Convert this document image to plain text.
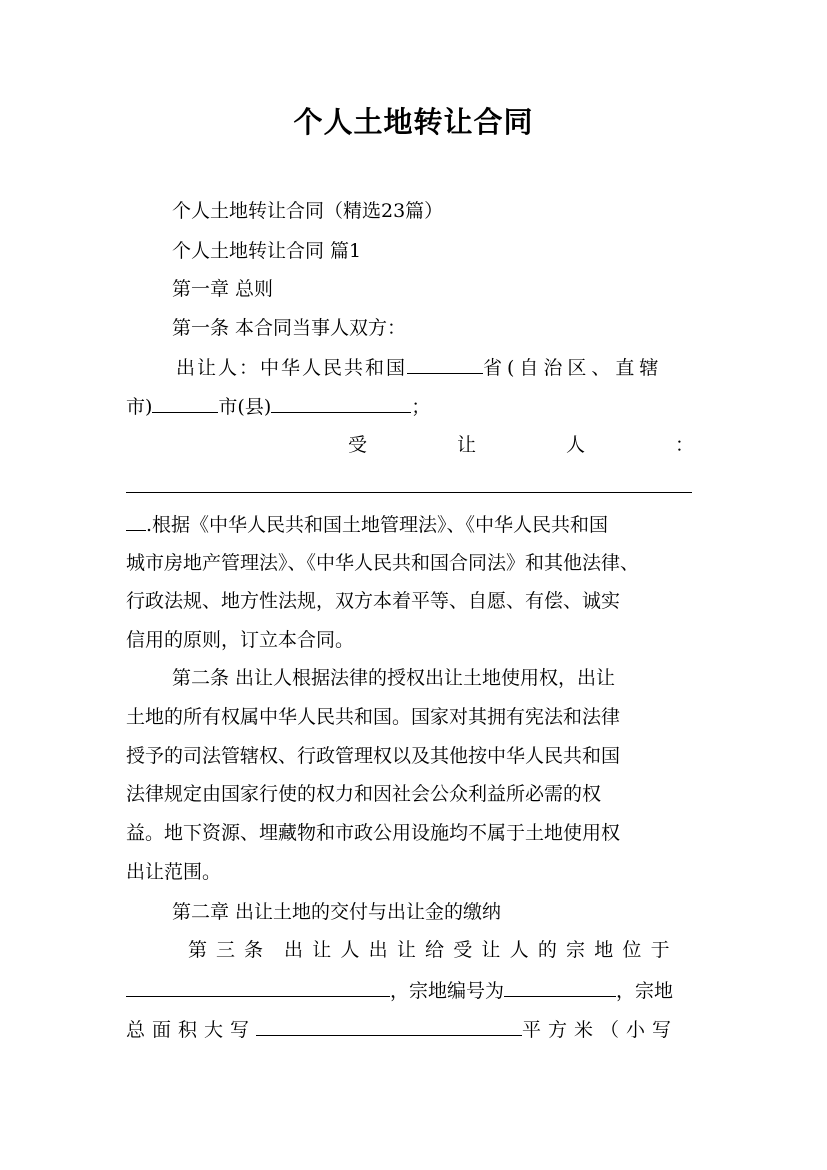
个人土地转让合同
个人土地转让合同（精选23篇）
个人土地转让合同 篇1
第一章 总则
第一条 本合同当事人双方：
出让人：中华人民共和国	省(自治区、直辖
市)	市(县)	；
受	让	人	：
.根据《中华人民共和国土地管理法》、《中华人民共和国
城市房地产管理法》、《中华人民共和国合同法》和其他法律、
行政法规、地方性法规，双方本着平等、自愿、有偿、诚实
信用的原则，订立本合同。
第二条 出让人根据法律的授权出让土地使用权，出让
土地的所有权属中华人民共和国。国家对其拥有宪法和法律
授予的司法管辖权、行政管理权以及其他按中华人民共和国
法律规定由国家行使的权力和因社会公众利益所必需的权
益。地下资源、埋藏物和市政公用设施均不属于土地使用权
出让范围。
第二章 出让土地的交付与出让金的缴纳
第三条 出让人出让给受让人的宗地位于
，宗地编号为	，宗地
总面积大写	平方米（小写
